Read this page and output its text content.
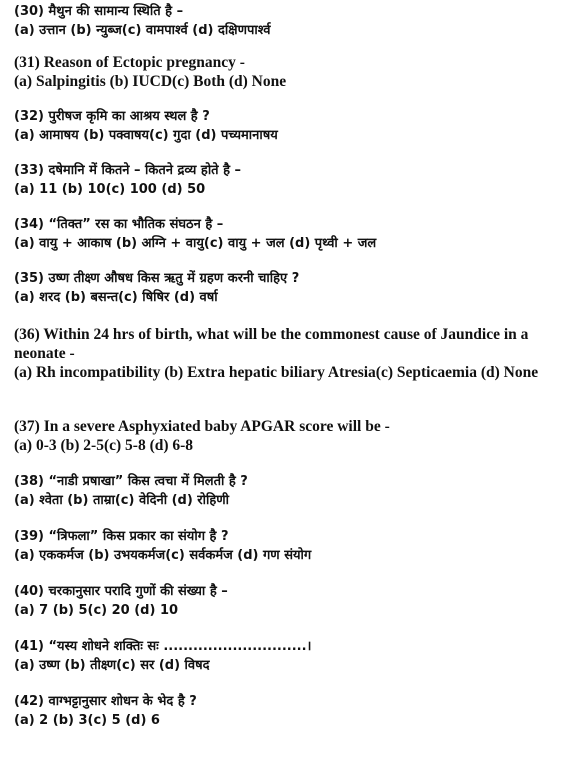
(30) मैथुन की सामान्य स्थिति है –
(a) उत्तान (b) न्युब्ज(c) वामपार्श्व (d) दक्षिणपार्श्व
(31) Reason of Ectopic pregnancy -
(a) Salpingitis (b) IUCD(c) Both (d) None
(32) पुरीषज कृमि का आश्रय स्थल है ?
(a) आमाषय (b) पक्वाषय(c) गुदा (d) पच्यमानाषय
(33) दषेमानि में कितने – कितने द्रव्य होते है –
(a) 11 (b) 10(c) 100 (d) 50
(34) “तिक्त” रस का भौतिक संघठन है –
(a) वायु + आकाष (b) अग्नि + वायु(c) वायु + जल (d) पृथ्वी + जल
(35) उष्ण तीक्ष्ण औषध किस ऋतु में ग्रहण करनी चाहिए ?
(a) शरद (b) बसन्त(c) षिषिर (d) वर्षा
(36) Within 24 hrs of birth, what will be the commonest cause of Jaundice in a neonate -
(a) Rh incompatibility (b) Extra hepatic biliary Atresia(c) Septicaemia (d) None
(37) In a severe Asphyxiated baby APGAR score will be -
(a) 0-3 (b) 2-5(c) 5-8 (d) 6-8
(38) “नाडी प्रषाखा” किस त्वचा में मिलती है ?
(a) श्वेता (b) ताम्रा(c) वेदिनी (d) रोहिणी
(39) “त्रिफला” किस प्रकार का संयोग है ?
(a) एककर्मज (b) उभयकर्मज(c) सर्वकर्मज (d) गण संयोग
(40) चरकानुसार परादि गुणों की संख्या है –
(a) 7 (b) 5(c) 20 (d) 10
(41) “यस्य शोधने शक्तिः सः .............................।
(a) उष्ण (b) तीक्ष्ण(c) सर (d) विषद
(42) वाग्भट्टानुसार शोधन के भेद है ?
(a) 2 (b) 3(c) 5 (d) 6
